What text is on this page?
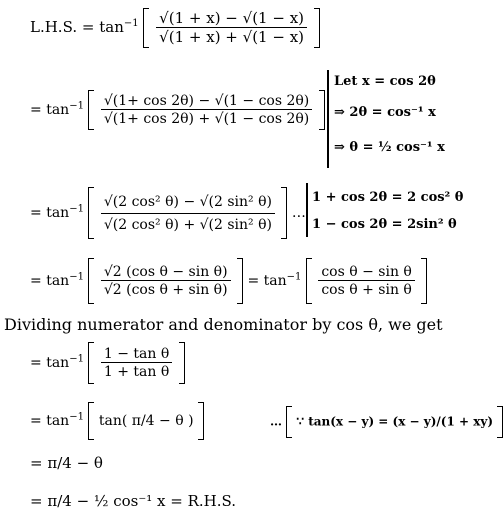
L.H.S. = $\tan^{-1} \frac{√(1 + x) - √(1 - x)}{√(1 + x) + √(1 - x)}$

= $\tan^{-1} \frac{√(1+ \cos 2\theta) - √(1 - \cos 2\theta)}{√(1+ \cos 2\theta) + √(1 - \cos 2\theta)}$

Let x = cos 2θ
⇒ 2θ = cos⁻¹ x
⇒ θ = ½ cos⁻¹ x
= $\tan^{-1} \frac{\text{√(2 cos² θ) − √(2 sin² θ)}}{\text{√(2 cos² θ) + √(2 sin² θ)}}$ …
1 + cos 2θ = 2 cos² θ
1 − cos 2θ = 2sin² θ
= $\tan^{-1} \frac{\text{√2 (cos θ − sin θ)}}{\text{√2 (cos θ + sin θ)}} = \tan^{-1} \frac{\text{cos θ − sin θ}}{\text{cos θ + sin θ}}$

Dividing numerator and denominator by cos θ, we get
= $\tan^{-1} \frac{\text{1 − tan θ}}{\text{1 + tan θ}}$

= $\tan^{-1} \tan$( π/4 − θ )	… ∵ tan(x − y) = (x − y)/(1 + xy)
= π/4 − θ
= π/4 − ½ cos⁻¹ x = R.H.S.
